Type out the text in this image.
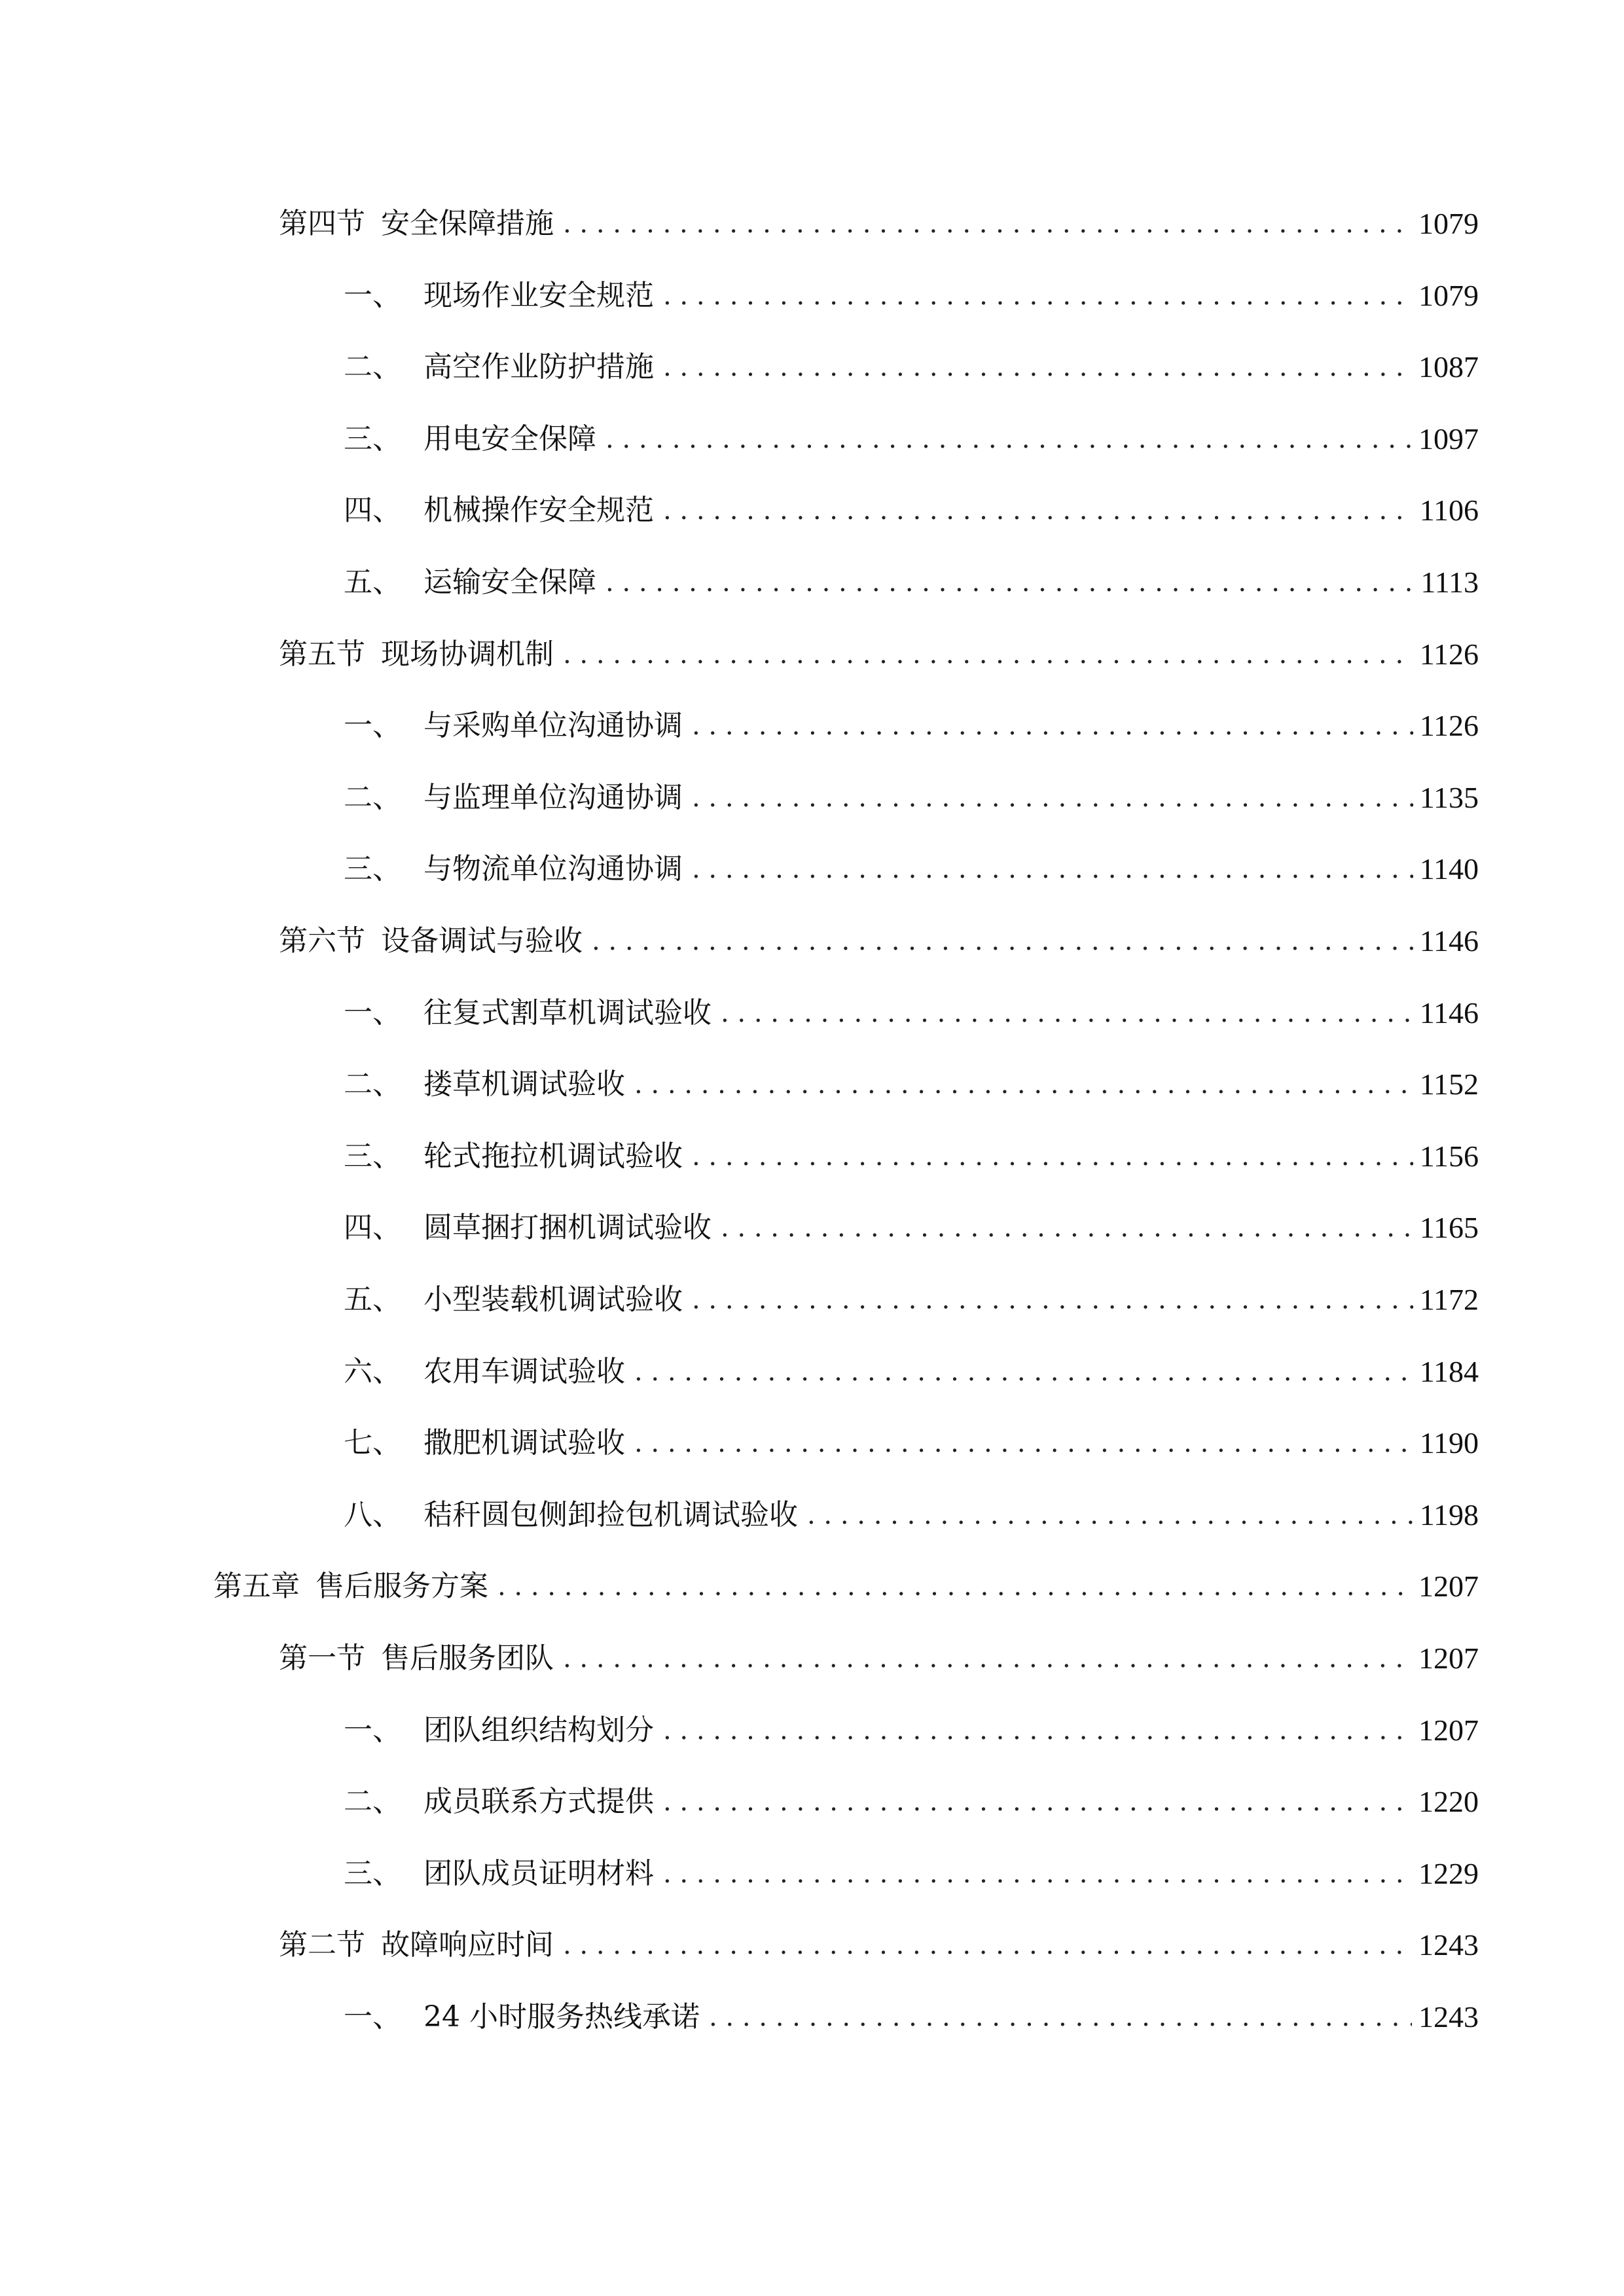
第四节 安全保障措施 . . .	1079
一、 现场作业安全规范 . . .	1079
二、 高空作业防护措施 . . .	1087
三、 用电安全保障 . . .	1097
四、 机械操作安全规范 . . .	1106
五、 运输安全保障 . . .	1113
第五节 现场协调机制 . . .	1126
一、 与采购单位沟通协调 . . .	1126
二、 与监理单位沟通协调 . . .	1135
三、 与物流单位沟通协调 . . .	1140
第六节 设备调试与验收 . . .	1146
一、 往复式割草机调试验收 . . .	1146
二、 搂草机调试验收 . . .	1152
三、 轮式拖拉机调试验收 . . .	1156
四、 圆草捆打捆机调试验收 . . .	1165
五、 小型装载机调试验收 . . .	1172
六、 农用车调试验收 . . .	1184
七、 撒肥机调试验收 . . .	1190
八、 秸秆圆包侧卸捡包机调试验收 . . .	1198
第五章 售后服务方案 . . .	1207
第一节 售后服务团队 . . .	1207
一、 团队组织结构划分 . . .	1207
二、 成员联系方式提供 . . .	1220
三、 团队成员证明材料 . . .	1229
第二节 故障响应时间 . . .	1243
一、 24 小时服务热线承诺 . . .	1243
